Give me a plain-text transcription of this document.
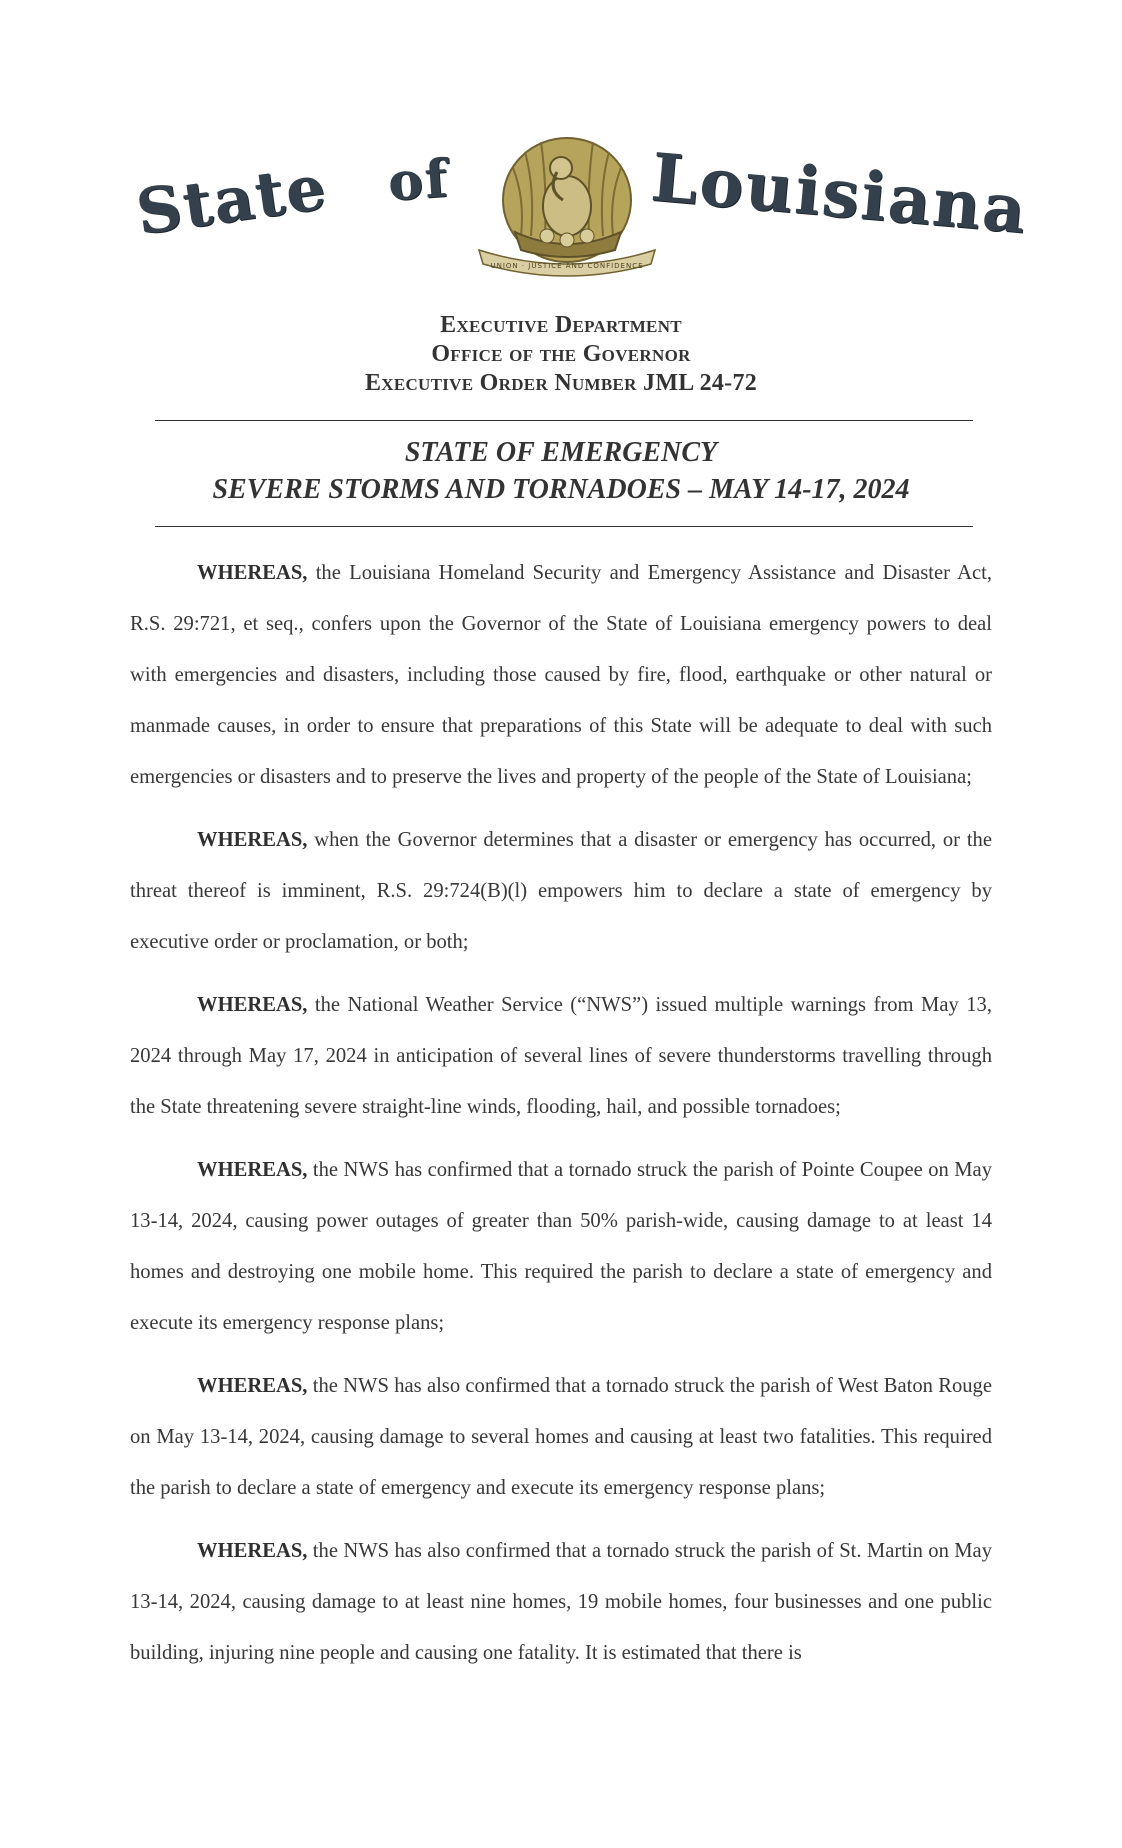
State of	Louisiana
UNION · JUSTICE AND CONFIDENCE
Executive Department
Office of the Governor
Executive Order Number JML 24-72
STATE OF EMERGENCY
SEVERE STORMS AND TORNADOES – MAY 14-17, 2024

WHEREAS, the Louisiana Homeland Security and Emergency Assistance and Disaster Act, R.S. 29:721, et seq., confers upon the Governor of the State of Louisiana emergency powers to deal with emergencies and disasters, including those caused by fire, flood, earthquake or other natural or manmade causes, in order to ensure that preparations of this State will be adequate to deal with such emergencies or disasters and to preserve the lives and property of the people of the State of Louisiana;

WHEREAS, when the Governor determines that a disaster or emergency has occurred, or the threat thereof is imminent, R.S. 29:724(B)(l) empowers him to declare a state of emergency by executive order or proclamation, or both;

WHEREAS, the National Weather Service (“NWS”) issued multiple warnings from May 13, 2024 through May 17, 2024 in anticipation of several lines of severe thunderstorms travelling through the State threatening severe straight-line winds, flooding, hail, and possible tornadoes;

WHEREAS, the NWS has confirmed that a tornado struck the parish of Pointe Coupee on May 13-14, 2024, causing power outages of greater than 50% parish-wide, causing damage to at least 14 homes and destroying one mobile home. This required the parish to declare a state of emergency and execute its emergency response plans;

WHEREAS, the NWS has also confirmed that a tornado struck the parish of West Baton Rouge on May 13-14, 2024, causing damage to several homes and causing at least two fatalities. This required the parish to declare a state of emergency and execute its emergency response plans;

WHEREAS, the NWS has also confirmed that a tornado struck the parish of St. Martin on May 13-14, 2024, causing damage to at least nine homes, 19 mobile homes, four businesses and one public building, injuring nine people and causing one fatality. It is estimated that there is
